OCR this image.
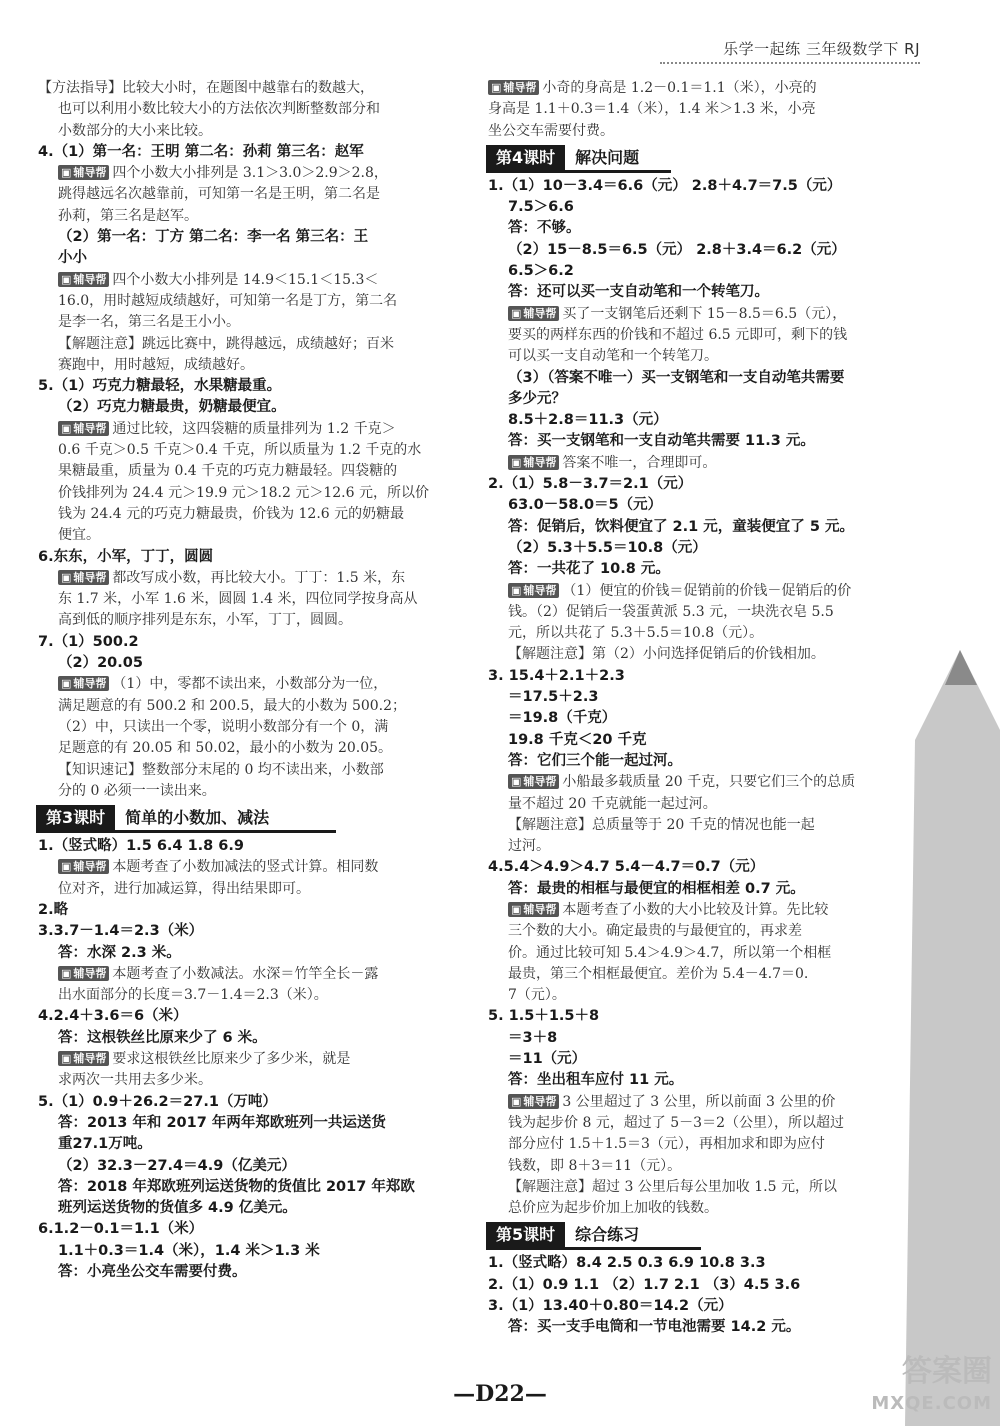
乐学一起练 三年级数学下 RJ
【方法指导】比较大小时，在题图中越靠右的数越大，
也可以利用小数比较大小的方法依次判断整数部分和
小数部分的大小来比较。
4.（1）第一名：王明 第二名：孙莉 第三名：赵军
▣ 辅导帮 四个小数大小排列是 3.1＞3.0＞2.9＞2.8，
跳得越远名次越靠前，可知第一名是王明，第二名是
孙莉，第三名是赵军。
（2）第一名：丁方 第二名：李一名 第三名：王
小小
▣ 辅导帮 四个小数大小排列是 14.9＜15.1＜15.3＜
16.0，用时越短成绩越好，可知第一名是丁方，第二名
是李一名，第三名是王小小。
【解题注意】跳远比赛中，跳得越远，成绩越好；百米
赛跑中，用时越短，成绩越好。
5.（1）巧克力糖最轻，水果糖最重。
（2）巧克力糖最贵，奶糖最便宜。
▣ 辅导帮 通过比较，这四袋糖的质量排列为 1.2 千克＞
0.6 千克＞0.5 千克＞0.4 千克，所以质量为 1.2 千克的水
果糖最重，质量为 0.4 千克的巧克力糖最轻。四袋糖的
价钱排列为 24.4 元＞19.9 元＞18.2 元＞12.6 元，所以价
钱为 24.4 元的巧克力糖最贵，价钱为 12.6 元的奶糖最
便宜。
6.东东，小军，丁丁，圆圆
▣ 辅导帮 都改写成小数，再比较大小。丁丁：1.5 米，东
东 1.7 米，小军 1.6 米，圆圆 1.4 米，四位同学按身高从
高到低的顺序排列是东东，小军，丁丁，圆圆。
7.（1）500.2
（2）20.05
▣ 辅导帮 （1）中，零都不读出来，小数部分为一位，
满足题意的有 500.2 和 200.5，最大的小数为 500.2；
（2）中，只读出一个零，说明小数部分有一个 0，满
足题意的有 20.05 和 50.02，最小的小数为 20.05。
【知识速记】整数部分末尾的 0 均不读出来，小数部
分的 0 必须一一读出来。
第3课时 简单的小数加、减法
1.（竖式略）1.5 6.4 1.8 6.9
▣ 辅导帮 本题考查了小数加减法的竖式计算。相同数
位对齐，进行加减运算，得出结果即可。
2.略
3.3.7－1.4＝2.3（米）
答：水深 2.3 米。
▣ 辅导帮 本题考查了小数减法。水深＝竹竿全长－露
出水面部分的长度＝3.7－1.4＝2.3（米）。
4.2.4＋3.6＝6（米）
答：这根铁丝比原来少了 6 米。
▣ 辅导帮 要求这根铁丝比原来少了多少米，就是
求两次一共用去多少米。
5.（1）0.9＋26.2＝27.1（万吨）
答：2013 年和 2017 年两年郑欧班列一共运送货
重27.1万吨。
（2）32.3－27.4＝4.9（亿美元）
答：2018 年郑欧班列运送货物的货值比 2017 年郑欧
班列运送货物的货值多 4.9 亿美元。
6.1.2－0.1＝1.1（米）
1.1＋0.3＝1.4（米），1.4 米＞1.3 米
答：小亮坐公交车需要付费。
▣ 辅导帮 小奇的身高是 1.2－0.1＝1.1（米），小亮的
身高是 1.1＋0.3＝1.4（米），1.4 米＞1.3 米，小亮
坐公交车需要付费。
第4课时 解决问题
1.（1）10－3.4＝6.6（元） 2.8＋4.7＝7.5（元）
7.5＞6.6
答：不够。
（2）15－8.5＝6.5（元） 2.8＋3.4＝6.2（元）
6.5＞6.2
答：还可以买一支自动笔和一个转笔刀。
▣ 辅导帮 买了一支钢笔后还剩下 15－8.5＝6.5（元），
要买的两样东西的价钱和不超过 6.5 元即可，剩下的钱
可以买一支自动笔和一个转笔刀。
（3）（答案不唯一）买一支钢笔和一支自动笔共需要
多少元？
8.5＋2.8＝11.3（元）
答：买一支钢笔和一支自动笔共需要 11.3 元。
▣ 辅导帮 答案不唯一，合理即可。
2.（1）5.8－3.7＝2.1（元）
63.0－58.0＝5（元）
答：促销后，饮料便宜了 2.1 元，童装便宜了 5 元。
（2）5.3＋5.5＝10.8（元）
答：一共花了 10.8 元。
▣ 辅导帮 （1）便宜的价钱＝促销前的价钱－促销后的价
钱。（2）促销后一袋蛋黄派 5.3 元，一块洗衣皂 5.5
元，所以共花了 5.3＋5.5＝10.8（元）。
【解题注意】第（2）小问选择促销后的价钱相加。
3. 15.4＋2.1＋2.3
＝17.5＋2.3
＝19.8（千克）
19.8 千克＜20 千克
答：它们三个能一起过河。
▣ 辅导帮 小船最多载质量 20 千克，只要它们三个的总质
量不超过 20 千克就能一起过河。
【解题注意】总质量等于 20 千克的情况也能一起
过河。
4.5.4＞4.9＞4.7 5.4－4.7＝0.7（元）
答：最贵的相框与最便宜的相框相差 0.7 元。
▣ 辅导帮 本题考查了小数的大小比较及计算。先比较
三个数的大小。确定最贵的与最便宜的，再求差
价。通过比较可知 5.4＞4.9＞4.7，所以第一个相框
最贵，第三个相框最便宜。差价为 5.4－4.7＝0.
7（元）。
5. 1.5＋1.5＋8
＝3＋8
＝11（元）
答：坐出租车应付 11 元。
▣ 辅导帮 3 公里超过了 3 公里，所以前面 3 公里的价
钱为起步价 8 元，超过了 5－3＝2（公里），所以超过
部分应付 1.5＋1.5＝3（元），再相加求和即为应付
钱数，即 8＋3＝11（元）。
【解题注意】超过 3 公里后每公里加收 1.5 元，所以
总价应为起步价加上加收的钱数。
第5课时 综合练习
1.（竖式略）8.4 2.5 0.3 6.9 10.8 3.3
2.（1）0.9 1.1 （2）1.7 2.1 （3）4.5 3.6
3.（1）13.40＋0.80＝14.2（元）
答：买一支手电筒和一节电池需要 14.2 元。
—D22—
答案圈
MXQE.COM
